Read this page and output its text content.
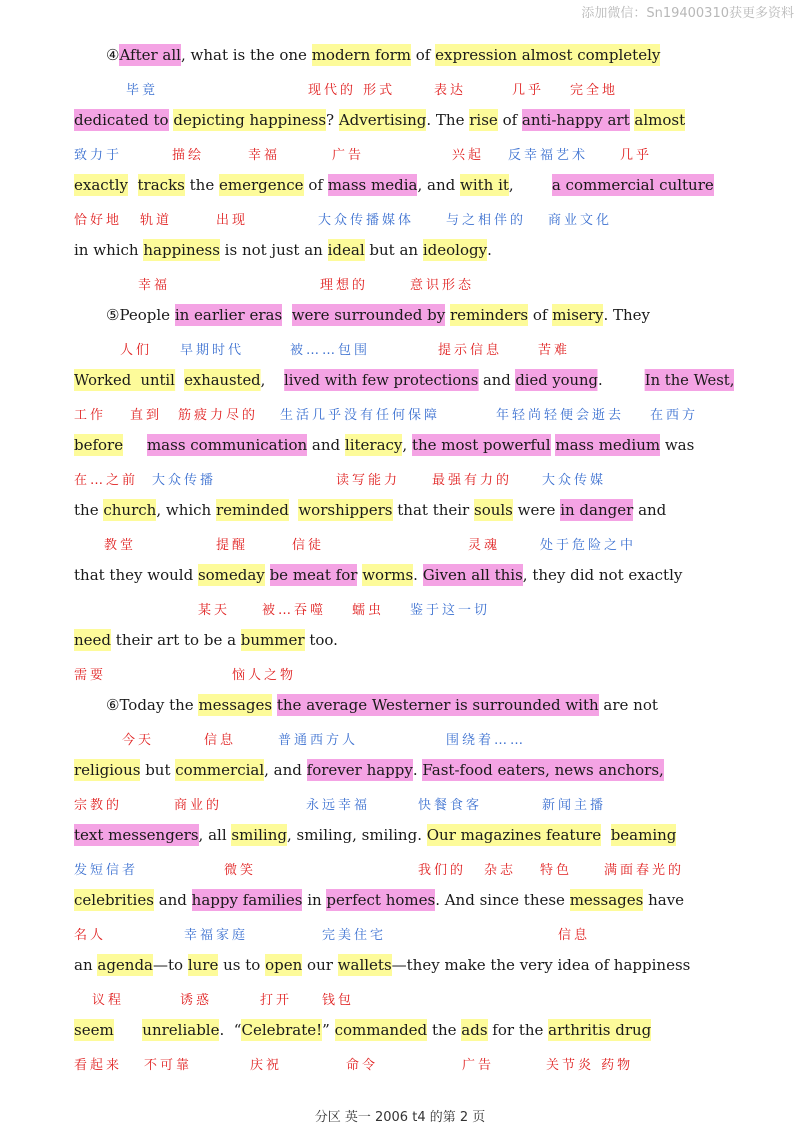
添加微信：Sn19400310获更多资料
④ After all , what is the one modern form of expression almost completely
毕竟	现代的 形式	表达	几乎 完全地
dedicated to
depicting happiness ? Advertising . The rise of anti-happy art
almost
致力于	描绘	幸福	广告	兴起 反幸福艺术 几乎
exactly
tracks the emergence of mass media , and with it , a commercial culture
恰好地 轨道	出现	大众传播媒体 与之相伴的 商业文化
in which happiness is not just an ideal but an ideology .
幸福	理想的	意识形态
⑤People in earlier eras
were surrounded by
reminders of misery . They
人们 早期时代	被……包围	提示信息	苦难
Worked  until
exhausted , lived with few protections and died young . In the West,
工作 直到 筋疲力尽的 生活几乎没有任何保障	年轻尚轻便会逝去 在西方
before
mass communication and literacy , the most powerful
mass medium was
在…之前 大众传播	读写能力 最强有力的 大众传媒
the church , which reminded
worshippers that their souls were in danger and
教堂	提醒	信徒	灵魂	处于危险之中
that they would someday
be meat for
worms . Given all this , they did not exactly
某天 被…吞噬 蠕虫 鉴于这一切
need their art to be a bummer too.
需要	恼人之物
⑥Today the messages
the average Westerner is surrounded with are not
今天	信息	普通西方人	围绕着……
religious but commercial , and forever happy . Fast-food eaters, news anchors,
宗教的	商业的	永远幸福	快餐食客	新闻主播
text messengers , all smiling , smiling, smiling. Our magazines feature
beaming
发短信者	微笑	我们的 杂志 特色 满面春光的
celebrities and happy families in perfect homes . And since these messages have
名人	幸福家庭	完美住宅	信息
an agenda —to lure us to open our wallets —they make the very idea of happiness
议程	诱惑	打开 钱包
seem
unreliable .  “ Celebrate! ” commanded the ads for the arthritis drug
看起来 不可靠	庆祝	命令	广告	关节炎 药物
分区 英一 2006 t4 的第 2 页
